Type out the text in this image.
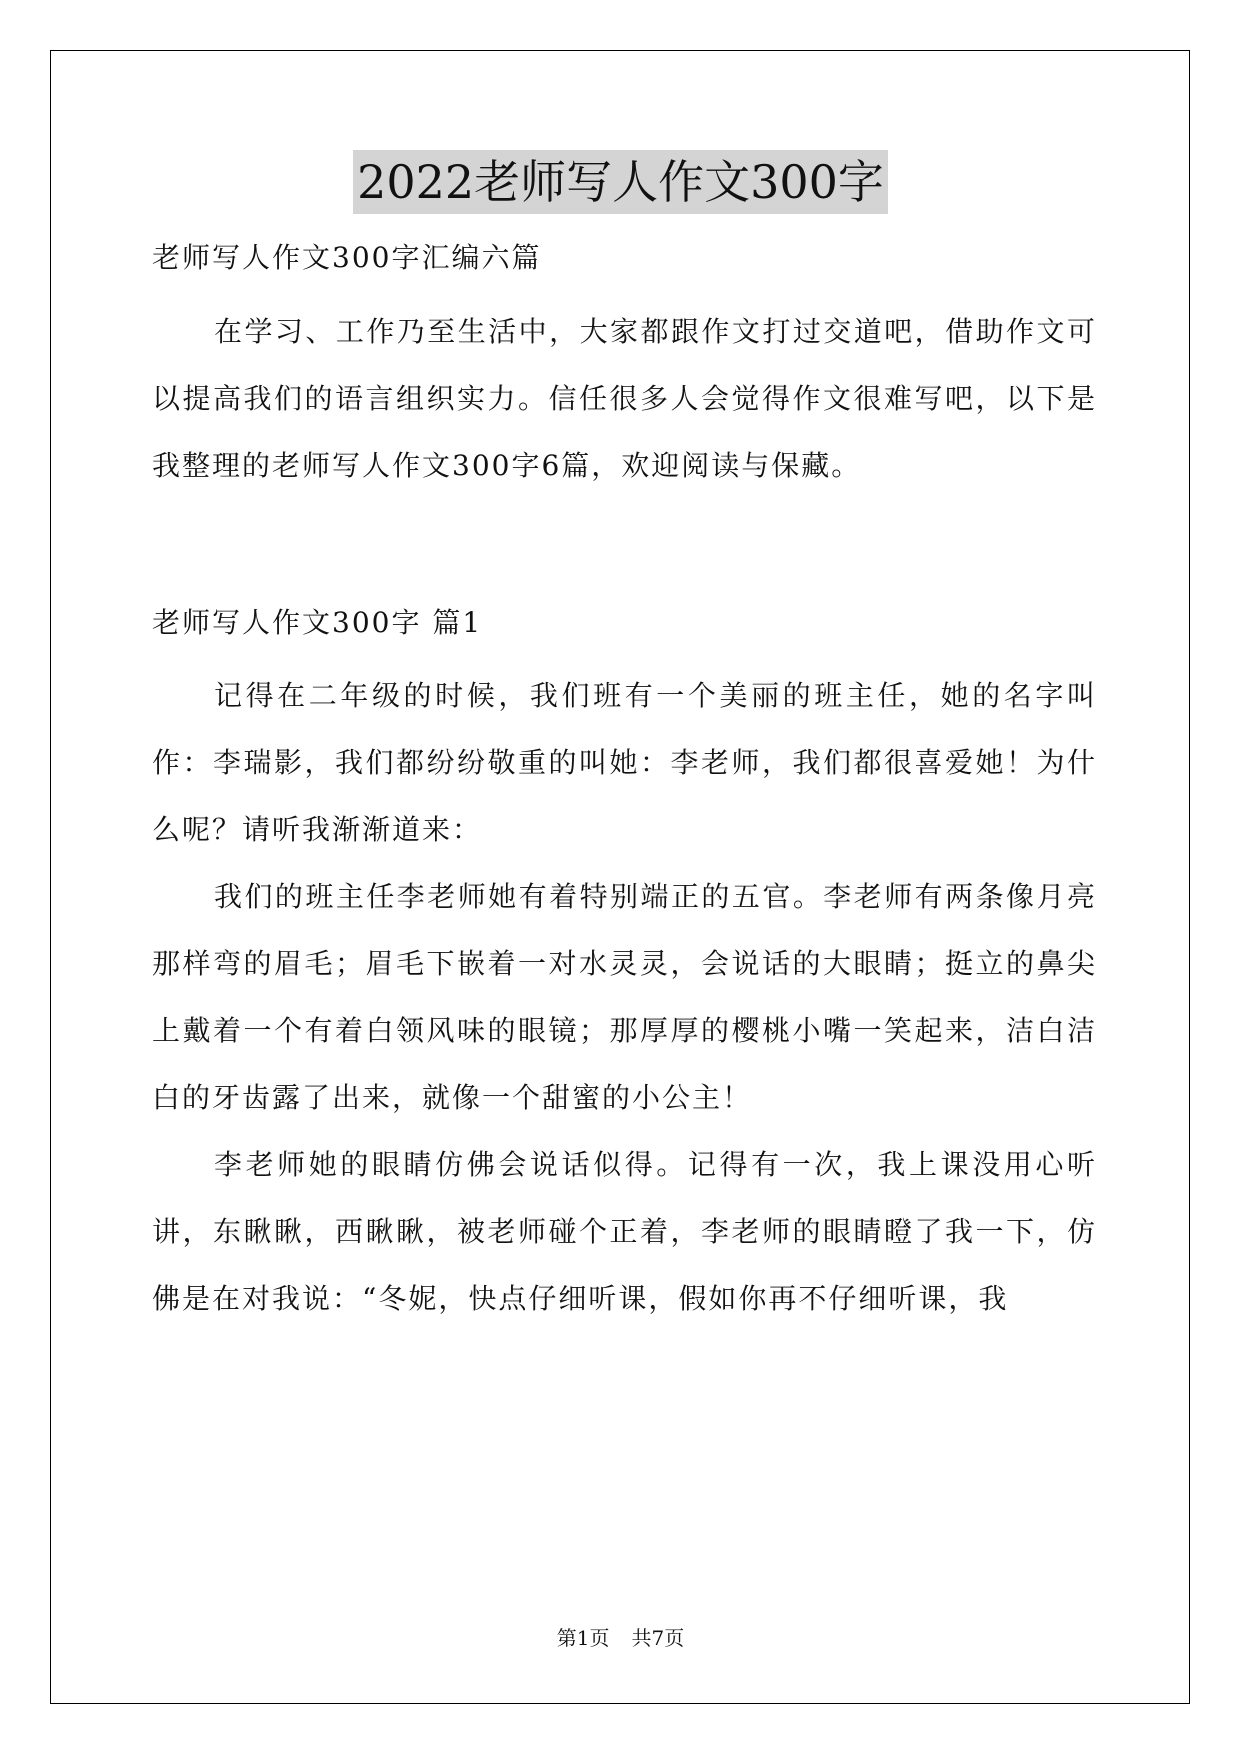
2022老师写人作文300字
老师写人作文300字汇编六篇

在学习、工作乃至生活中，大家都跟作文打过交道吧，借助作文可以提高我们的语言组织实力。信任很多人会觉得作文很难写吧，以下是我整理的老师写人作文300字6篇，欢迎阅读与保藏。

老师写人作文300字 篇1

记得在二年级的时候，我们班有一个美丽的班主任，她的名字叫作：李瑞影，我们都纷纷敬重的叫她：李老师，我们都很喜爱她！为什么呢？请听我渐渐道来：

我们的班主任李老师她有着特别端正的五官。李老师有两条像月亮那样弯的眉毛；眉毛下嵌着一对水灵灵，会说话的大眼睛；挺立的鼻尖上戴着一个有着白领风味的眼镜；那厚厚的樱桃小嘴一笑起来，洁白洁白的牙齿露了出来，就像一个甜蜜的小公主！

李老师她的眼睛仿佛会说话似得。记得有一次，我上课没用心听讲，东瞅瞅，西瞅瞅，被老师碰个正着，李老师的眼睛瞪了我一下，仿佛是在对我说：“冬妮，快点仔细听课，假如你再不仔细听课，我

第1页 共7页
